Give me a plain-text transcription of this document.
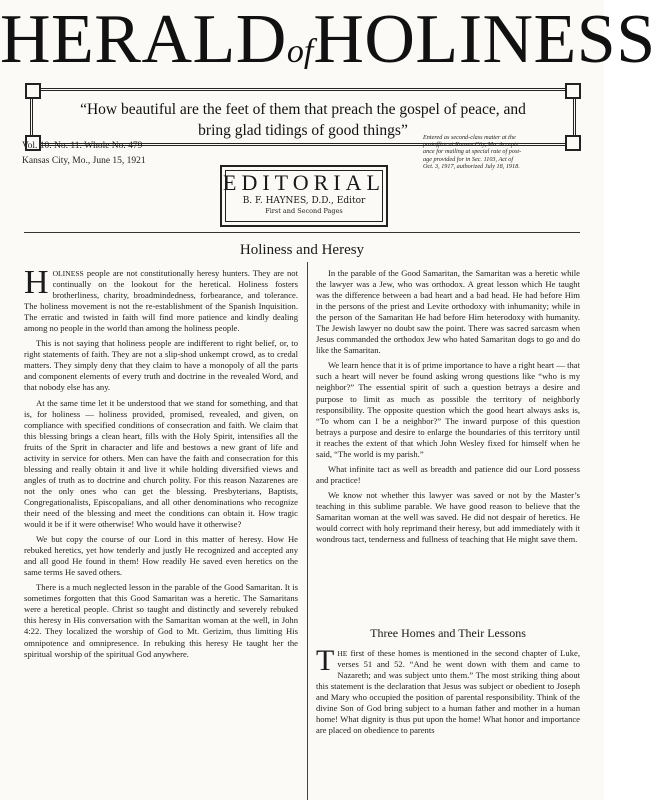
HERALDofHOLINESS
“How beautiful are the feet of them that preach the gospel of peace, and
bring glad tidings of good things”
Vol. 10. No. 11. Whole No. 479
Kansas City, Mo., June 15, 1921
Entered as second-class matter at the
postoffice at Kansas City, Mo. Accept-
ance for mailing at special rate of post-
age provided for in Sec. 1103, Act of
Oct. 3, 1917, authorized July 18, 1918.
EDITORIAL
B. F. HAYNES, D.D., Editor
First and Second Pages
Holiness and Heresy

HOLINESS people are not constitutionally heresy hunters. They are not continually on the lookout for the heretical. Holiness fosters brotherliness, charity, broadmindedness, forbearance, and tolerance. The holiness movement is not the re-establishment of the Spanish Inquisition. The erratic and twisted in faith will find more patience and kindly dealing among no people in the world than among the holiness people.

This is not saying that holiness people are indifferent to right belief, or, to right statements of faith. They are not a slip-shod unkempt crowd, as to credal matters. They simply deny that they claim to have a monopoly of all the parts and component elements of every truth and doctrine in the revealed Word, and that nobody else has any.

At the same time let it be understood that we stand for something, and that is, for holiness — holiness provided, promised, revealed, and given, on compliance with specified conditions of consecration and faith. We claim that this blessing brings a clean heart, fills with the Holy Spirit, intensifies all the fruits of the Sprit in character and life and bestows a new grant of life and activity in service for others. Men can have the faith and consecration for this blessing and really obtain it and live it while holding diversified views and angles of truth as to doctrine and church polity. For this reason Nazarenes are not the only ones who can get the blessing. Presbyterians, Baptists, Congregationalists, Episcopalians, and all other denominations who recognize their need of the blessing and meet the conditions can obtain it. How tragic would it be if it were otherwise! Who would have it otherwise?

We but copy the course of our Lord in this matter of heresy. How He rebuked heretics, yet how tenderly and justly He recognized and accepted any and all good He found in them! How readily He saved even heretics on the same terms He saved others.

There is a much neglected lesson in the parable of the Good Samaritan. It is sometimes forgotten that this Good Samaritan was a heretic. The Samaritans were a heretical people. Christ so taught and distinctly and severely rebuked this heresy in His conversation with the Samaritan woman at the well, in John 4:22. They localized the worship of God to Mt. Gerizim, thus limiting His omnipotence and omnipresence. In rebuking this heresy He taught her the spiritual worship of the spiritual God anywhere.

In the parable of the Good Samaritan, the Samaritan was a heretic while the lawyer was a Jew, who was orthodox. A great lesson which He taught was the difference between a bad heart and a bad head. He had before Him in the persons of the priest and Levite orthodoxy with inhumanity; while in the person of the Samaritan He had before Him heterodoxy with humanity. The Jewish lawyer no doubt saw the point. There was sacred sarcasm when Jesus commanded the orthodox Jew who hated Samaritan dogs to go and do like the Samaritan.

We learn hence that it is of prime importance to have a right heart — that such a heart will never be found asking wrong questions like “who is my neighbor?” The essential spirit of such a question betrays a desire and purpose to limit as much as possible the territory of neighborly responsibility. The opposite question which the good heart always asks is, “To whom can I be a neighbor?” The inward purpose of this question betrays a purpose and desire to enlarge the boundaries of this territory until it reaches the extent of that which John Wesley fixed for himself when he said, “The world is my parish.”

What infinite tact as well as breadth and patience did our Lord possess and practice!

We know not whether this lawyer was saved or not by the Master’s teaching in this sublime parable. We have good reason to believe that the Samaritan woman at the well was saved. He did not despair of heretics. He would correct with holy reprimand their heresy, but add immediately with it wondrous tact, tenderness and fullness of teaching that He might save them.

Three Homes and Their Lessons

THE first of these homes is mentioned in the second chapter of Luke, verses 51 and 52. “And he went down with them and came to Nazareth; and was subject unto them.” The most striking thing about this statement is the declaration that Jesus was subject or obedient to Joseph and Mary who occupied the position of parental responsibility. Think of the divine Son of God bring subject to a human father and mother in a human home! What dignity is thus put upon the home! What honor and importance are placed on obedience to parents
